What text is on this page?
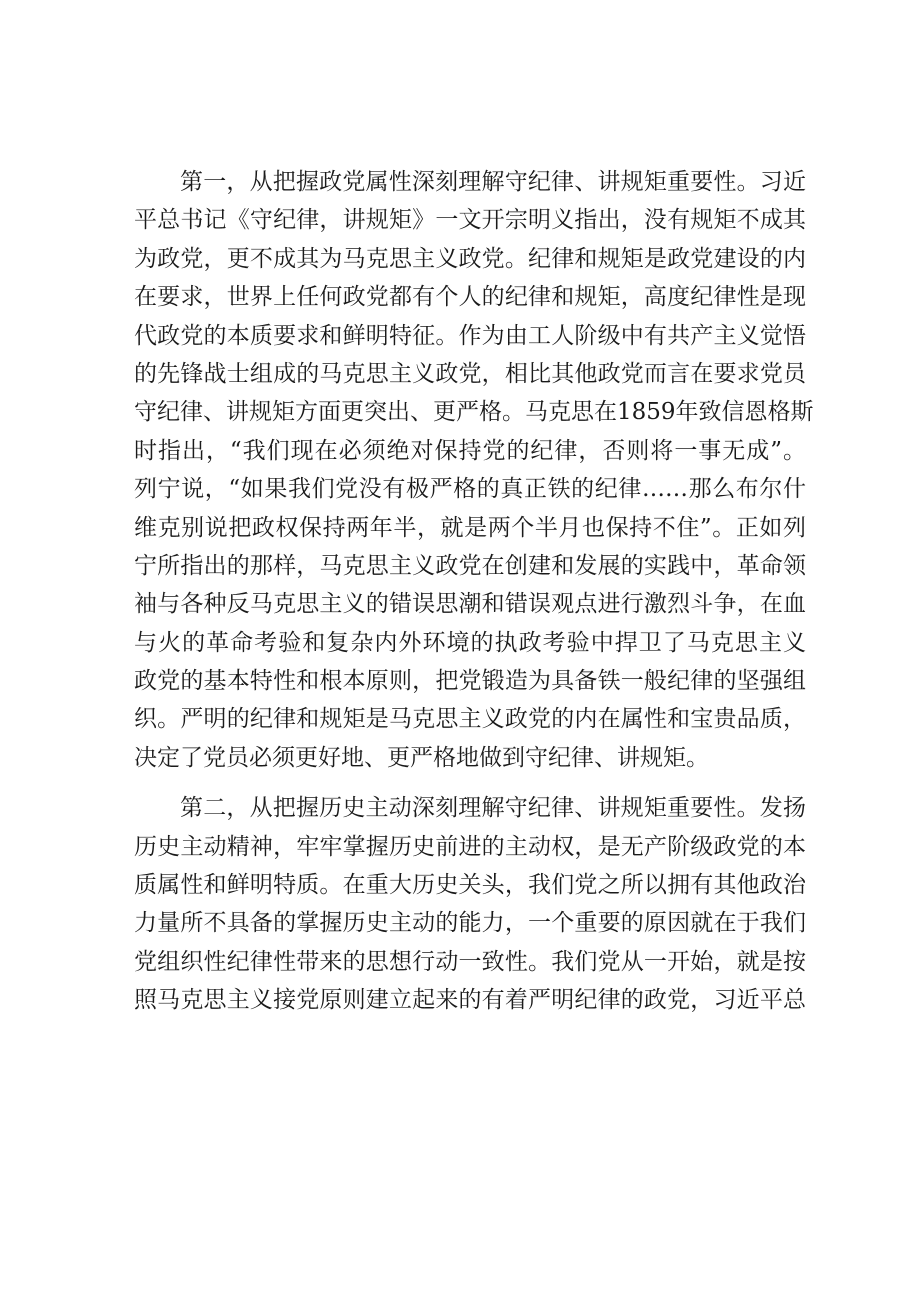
第一，从把握政党属性深刻理解守纪律、讲规矩重要性。习近
平总书记《守纪律，讲规矩》一文开宗明义指出，没有规矩不成其
为政党，更不成其为马克思主义政党。纪律和规矩是政党建设的内
在要求，世界上任何政党都有个人的纪律和规矩，高度纪律性是现
代政党的本质要求和鲜明特征。作为由工人阶级中有共产主义觉悟
的先锋战士组成的马克思主义政党，相比其他政党而言在要求党员
守纪律、讲规矩方面更突出、更严格。马克思在1859年致信恩格斯
时指出，“我们现在必须绝对保持党的纪律，否则将一事无成”。
列宁说，“如果我们党没有极严格的真正铁的纪律……那么布尔什
维克别说把政权保持两年半，就是两个半月也保持不住”。正如列
宁所指出的那样，马克思主义政党在创建和发展的实践中，革命领
袖与各种反马克思主义的错误思潮和错误观点进行激烈斗争，在血
与火的革命考验和复杂内外环境的执政考验中捍卫了马克思主义
政党的基本特性和根本原则，把党锻造为具备铁一般纪律的坚强组
织。严明的纪律和规矩是马克思主义政党的内在属性和宝贵品质，
决定了党员必须更好地、更严格地做到守纪律、讲规矩。
第二，从把握历史主动深刻理解守纪律、讲规矩重要性。发扬
历史主动精神，牢牢掌握历史前进的主动权，是无产阶级政党的本
质属性和鲜明特质。在重大历史关头，我们党之所以拥有其他政治
力量所不具备的掌握历史主动的能力，一个重要的原因就在于我们
党组织性纪律性带来的思想行动一致性。我们党从一开始，就是按
照马克思主义接党原则建立起来的有着严明纪律的政党，习近平总
